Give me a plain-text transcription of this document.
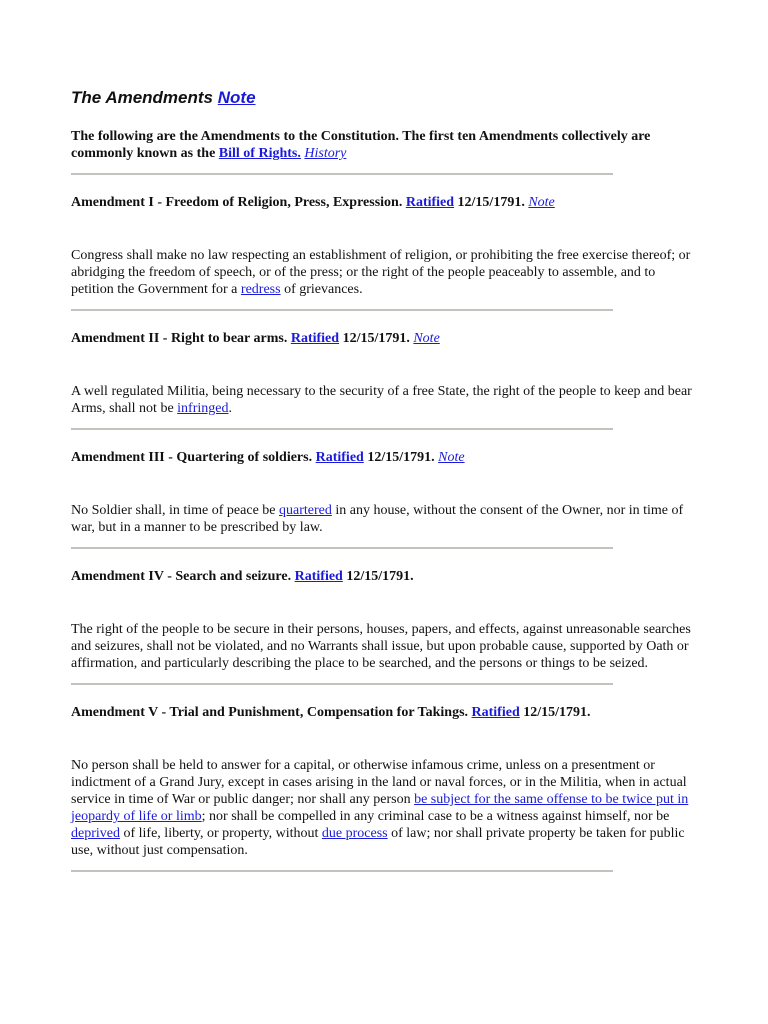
The Amendments Note

The following are the Amendments to the Constitution. The first ten Amendments collectively are commonly known as the Bill of Rights. History

Amendment I - Freedom of Religion, Press, Expression. Ratified 12/15/1791. Note
Congress shall make no law respecting an establishment of religion, or prohibiting the free exercise thereof; or abridging the freedom of speech, or of the press; or the right of the people peaceably to assemble, and to petition the Government for a redress of grievances.
Amendment II - Right to bear arms. Ratified 12/15/1791. Note
A well regulated Militia, being necessary to the security of a free State, the right of the people to keep and bear Arms, shall not be infringed.
Amendment III - Quartering of soldiers. Ratified 12/15/1791. Note
No Soldier shall, in time of peace be quartered in any house, without the consent of the Owner, nor in time of war, but in a manner to be prescribed by law.
Amendment IV - Search and seizure. Ratified 12/15/1791.
The right of the people to be secure in their persons, houses, papers, and effects, against unreasonable searches and seizures, shall not be violated, and no Warrants shall issue, but upon probable cause, supported by Oath or affirmation, and particularly describing the place to be searched, and the persons or things to be seized.
Amendment V - Trial and Punishment, Compensation for Takings. Ratified 12/15/1791.
No person shall be held to answer for a capital, or otherwise infamous crime, unless on a presentment or indictment of a Grand Jury, except in cases arising in the land or naval forces, or in the Militia, when in actual service in time of War or public danger; nor shall any person be subject for the same offense to be twice put in jeopardy of life or limb; nor shall be compelled in any criminal case to be a witness against himself, nor be deprived of life, liberty, or property, without due process of law; nor shall private property be taken for public use, without just compensation.
